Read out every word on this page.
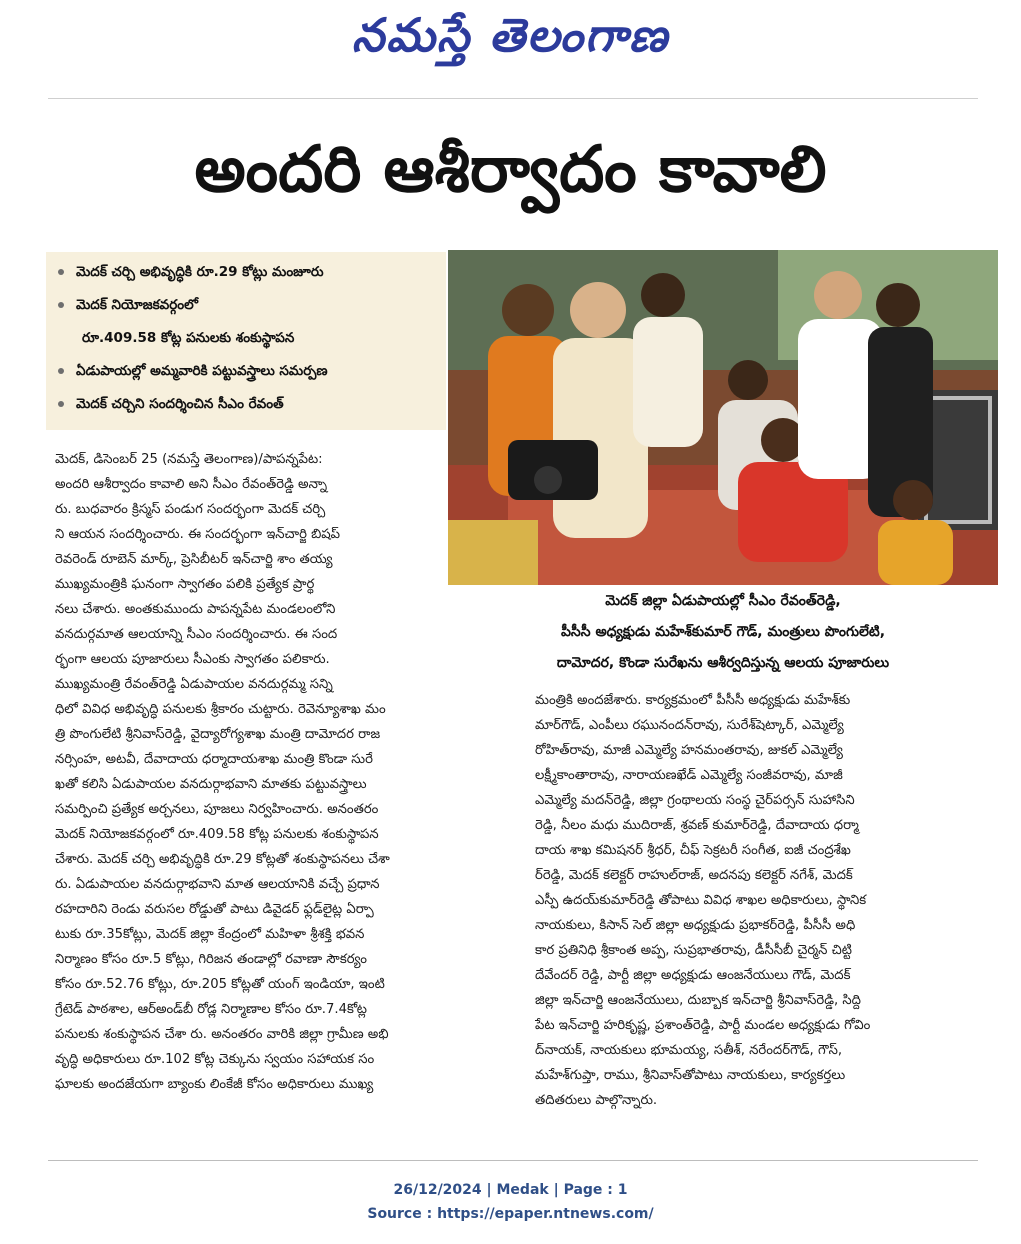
నమస్తే తెలంగాణ
అందరి ఆశీర్వాదం కావాలి
మెదక్ చర్చి అభివృద్ధికి రూ.29 కోట్లు మంజూరు
మెదక్ నియోజకవర్గంలో
రూ.409.58 కోట్ల పనులకు శంకుస్థాపన
ఏడుపాయల్లో అమ్మవారికి పట్టువస్త్రాలు సమర్పణ
మెదక్ చర్చిని సందర్శించిన సీఎం రేవంత్
మెదక్ జిల్లా ఏడుపాయల్లో సీఎం రేవంత్‌రెడ్డి,
పీసీసీ అధ్యక్షుడు మహేశ్‌కుమార్ గౌడ్, మంత్రులు పొంగులేటి,
దామోదర, కొండా సురేఖను ఆశీర్వదిస్తున్న ఆలయ పూజారులు
మెదక్, డిసెంబర్ 25 (నమస్తే తెలంగాణ)/పాపన్నపేట:
అందరి ఆశీర్వాదం కావాలి అని సీఎం రేవంత్‌రెడ్డి అన్నా
రు. బుధవారం క్రిస్మస్ పండుగ సందర్భంగా మెదక్ చర్చి
ని ఆయన సందర్శించారు. ఈ సందర్భంగా ఇన్‌చార్జి బిషప్
రెవరెండ్ రూబెన్ మార్క్, ప్రెసిబీటర్ ఇన్‌చార్జి శాం తయ్య
ముఖ్యమంత్రికి ఘనంగా స్వాగతం పలికి ప్రత్యేక ప్రార్థ
నలు చేశారు. అంతకుముందు పాపన్నపేట మండలంలోని
వనదుర్గమాత ఆలయాన్ని సీఎం సందర్శించారు. ఈ సంద
ర్భంగా ఆలయ పూజారులు సీఎంకు స్వాగతం పలికారు.
ముఖ్యమంత్రి రేవంత్‌రెడ్డి ఏడుపాయల వనదుర్గమ్మ సన్ని
ధిలో వివిధ అభివృద్ధి పనులకు శ్రీకారం చుట్టారు. రెవెన్యూశాఖ మం
త్రి పొంగులేటి శ్రీనివాస్‌రెడ్డి, వైద్యారోగ్యశాఖ మంత్రి దామోదర రాజ
నర్సింహ, అటవీ, దేవాదాయ ధర్మాదాయశాఖ మంత్రి కొండా సురే
ఖతో కలిసి ఏడుపాయల వనదుర్గాభవాని మాతకు పట్టువస్త్రాలు
సమర్పించి ప్రత్యేక అర్చనలు, పూజలు నిర్వహించారు. అనంతరం
మెదక్ నియోజకవర్గంలో రూ.409.58 కోట్ల పనులకు శంకుస్థాపన
చేశారు. మెదక్ చర్చి అభివృద్ధికి రూ.29 కోట్లతో శంకుస్థాపనలు చేశా
రు. ఏడుపాయల వనదుర్గాభవాని మాత ఆలయానికి వచ్చే ప్రధాన
రహదారిని రెండు వరుసల రోడ్డుతో పాటు డివైడర్ ఫ్లడ్‌లైట్ల ఏర్పా
టుకు రూ.35కోట్లు, మెదక్ జిల్లా కేంద్రంలో మహిళా శ్రీశక్తి భవన
నిర్మాణం కోసం రూ.5 కోట్లు, గిరిజన తండాల్లో రవాణా సౌకర్యం
కోసం రూ.52.76 కోట్లు, రూ.205 కోట్లతో యంగ్ ఇండియా, ఇంటి
గ్రేటెడ్ పాఠశాల, ఆర్‌అండ్‌బీ రోడ్ల నిర్మాణాల కోసం రూ.7.4కోట్ల
పనులకు శంకుస్థాపన చేశా రు. అనంతరం వారికి జిల్లా గ్రామీణ అభి
వృద్ధి అధికారులు రూ.102 కోట్ల చెక్కును స్వయం సహాయక సం
ఘాలకు అందజేయగా బ్యాంకు లింకేజీ కోసం అధికారులు ముఖ్య
మంత్రికి అందజేశారు. కార్యక్రమంలో పీసీసీ అధ్యక్షుడు మహేశ్‌కు
మార్‌గౌడ్, ఎంపీలు రఘునందన్‌రావు, సురేశ్‌షెట్కార్, ఎమ్మెల్యే
రోహిత్‌రావు, మాజీ ఎమ్మెల్యే హనమంతరావు, జుకల్ ఎమ్మెల్యే
లక్ష్మీకాంతారావు, నారాయణఖేడ్ ఎమ్మెల్యే సంజీవరావు, మాజీ
ఎమ్మెల్యే మదన్‌రెడ్డి, జిల్లా గ్రంథాలయ సంస్థ చైర్‌పర్సన్ సుహాసిని
రెడ్డి, నీలం మధు ముదిరాజ్, శ్రవణ్ కుమార్‌రెడ్డి, దేవాదాయ ధర్మా
దాయ శాఖ కమిషనర్ శ్రీధర్, చీఫ్ సెక్రటరీ సంగీత, ఐజీ చంద్రశేఖ
ర్‌రెడ్డి, మెదక్ కలెక్టర్ రాహుల్‌రాజ్, అదనపు కలెక్టర్ నగేశ్, మెదక్
ఎస్పీ ఉదయ్‌కుమార్‌రెడ్డి తోపాటు వివిధ శాఖల అధికారులు, స్థానిక
నాయకులు, కిసాన్ సెల్ జిల్లా అధ్యక్షుడు ప్రభాకర్‌రెడ్డి, పీసీసీ అధి
కార ప్రతినిధి శ్రీకాంత అప్ప, సుప్రభాతరావు, డీసీసీబీ చైర్మన్ చిట్టి
దేవేందర్ రెడ్డి, పార్టీ జిల్లా అధ్యక్షుడు ఆంజనేయులు గౌడ్, మెదక్
జిల్లా ఇన్‌చార్జి ఆంజనేయులు, దుబ్బాక ఇన్‌చార్జి శ్రీనివాస్‌రెడ్డి, సిద్ది
పేట ఇన్‌చార్జి హరికృష్ణ, ప్రశాంత్‌రెడ్డి, పార్టీ మండల అధ్యక్షుడు గోవిం
ద్‌నాయక్, నాయకులు భూమయ్య, సతీశ్, నరేందర్‌గౌడ్, గౌస్,
మహేశ్‌గుప్తా, రాము, శ్రీనివాస్‌తోపాటు నాయకులు, కార్యకర్తలు
తదితరులు పాల్గొన్నారు.
26/12/2024 | Medak | Page : 1
Source : https://epaper.ntnews.com/
